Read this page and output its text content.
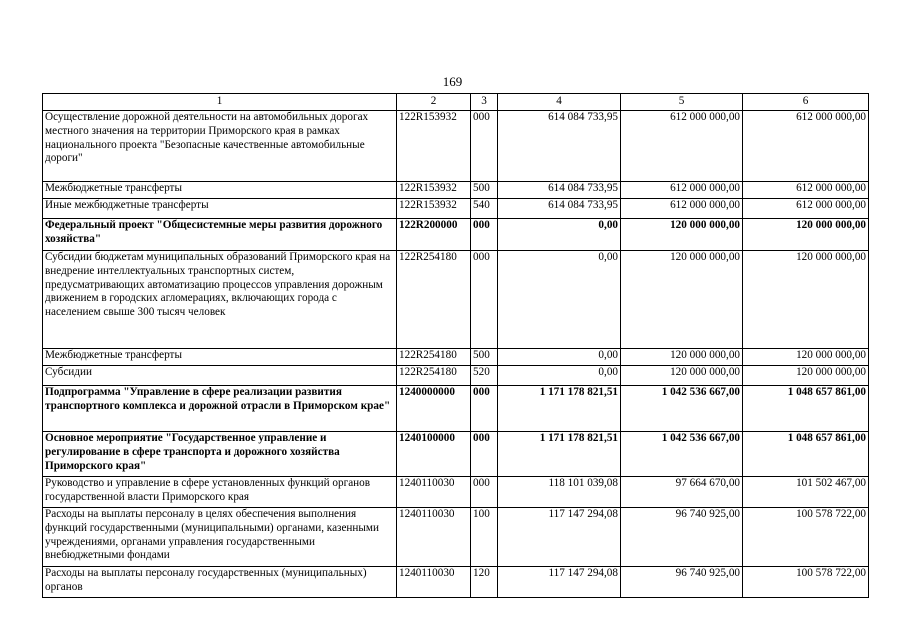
169
1	2	3	4	5	6
Осуществление дорожной деятельности на автомобильных дорогах местного значения на территории Приморского края в рамках национального проекта "Безопасные качественные автомобильные дороги"	122R153932	000	614 084 733,95	612 000 000,00	612 000 000,00
Межбюджетные трансферты	122R153932	500	614 084 733,95	612 000 000,00	612 000 000,00
Иные межбюджетные трансферты	122R153932	540	614 084 733,95	612 000 000,00	612 000 000,00
Федеральный проект "Общесистемные меры развития дорожного хозяйства"	122R200000	000	0,00	120 000 000,00	120 000 000,00
Субсидии бюджетам муниципальных образований Приморского края на внедрение интеллектуальных транспортных систем, предусматривающих автоматизацию процессов управления дорожным движением в городских агломерациях, включающих города с населением свыше 300 тысяч человек	122R254180	000	0,00	120 000 000,00	120 000 000,00
Межбюджетные трансферты	122R254180	500	0,00	120 000 000,00	120 000 000,00
Субсидии	122R254180	520	0,00	120 000 000,00	120 000 000,00
Подпрограмма "Управление в сфере реализации развития транспортного комплекса и дорожной отрасли в Приморском крае"	1240000000	000	1 171 178 821,51	1 042 536 667,00	1 048 657 861,00
Основное мероприятие "Государственное управление и регулирование в сфере транспорта и дорожного хозяйства Приморского края"	1240100000	000	1 171 178 821,51	1 042 536 667,00	1 048 657 861,00
Руководство и управление в сфере установленных функций органов государственной власти Приморского края	1240110030	000	118 101 039,08	97 664 670,00	101 502 467,00
Расходы на выплаты персоналу в целях обеспечения выполнения функций государственными (муниципальными) органами, казенными учреждениями, органами управления государственными внебюджетными фондами	1240110030	100	117 147 294,08	96 740 925,00	100 578 722,00
Расходы на выплаты персоналу государственных (муниципальных) органов	1240110030	120	117 147 294,08	96 740 925,00	100 578 722,00
